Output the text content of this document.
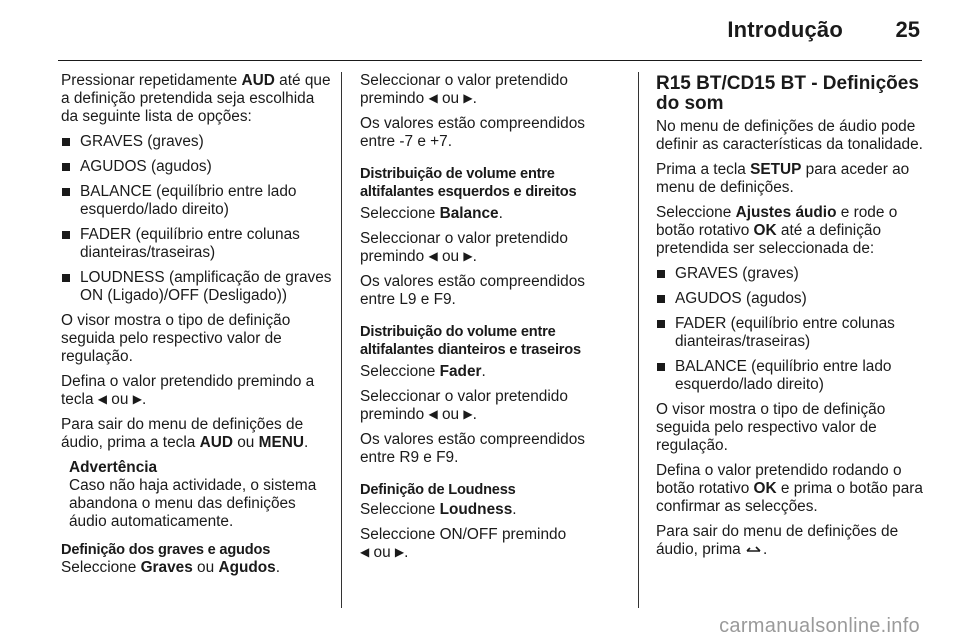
Introdução 25

Pressionar repetidamente AUD até que a definição pretendida seja escolhida da seguinte lista de opções:

GRAVES (graves)
AGUDOS (agudos)
BALANCE (equilíbrio entre lado esquerdo/lado direito)
FADER (equilíbrio entre colunas dianteiras/traseiras)
LOUDNESS (amplificação de graves ON (Ligado)/OFF (Desligado))

O visor mostra o tipo de definição seguida pelo respectivo valor de regulação.

Defina o valor pretendido premindo a tecla ◀ ou ▶.

Para sair do menu de definições de áudio, prima a tecla AUD ou MENU.

Advertência
Caso não haja actividade, o sistema abandona o menu das definições áudio automaticamente.
Definição dos graves e agudos

Seleccione Graves ou Agudos.

Seleccionar o valor pretendido premindo ◀ ou ▶.

Os valores estão compreendidos entre -7 e +7.

Distribuição de volume entre altifalantes esquerdos e direitos

Seleccione Balance.

Seleccionar o valor pretendido premindo ◀ ou ▶.

Os valores estão compreendidos entre L9 e F9.

Distribuição do volume entre altifalantes dianteiros e traseiros

Seleccione Fader.

Seleccionar o valor pretendido premindo ◀ ou ▶.

Os valores estão compreendidos entre R9 e F9.

Definição de Loudness

Seleccione Loudness.

Seleccione ON/OFF premindo
◀ ou ▶.

R15 BT/CD15 BT - Definições do som

No menu de definições de áudio pode definir as características da tonalidade.

Prima a tecla SETUP para aceder ao menu de definições.

Seleccione Ajustes áudio e rode o botão rotativo OK até a definição pretendida ser seleccionada de:

GRAVES (graves)
AGUDOS (agudos)
FADER (equilíbrio entre colunas dianteiras/traseiras)
BALANCE (equilíbrio entre lado esquerdo/lado direito)

O visor mostra o tipo de definição seguida pelo respectivo valor de regulação.

Defina o valor pretendido rodando o botão rotativo OK e prima o botão para confirmar as selecções.

Para sair do menu de definições de áudio, prima .

carmanualsonline.info
